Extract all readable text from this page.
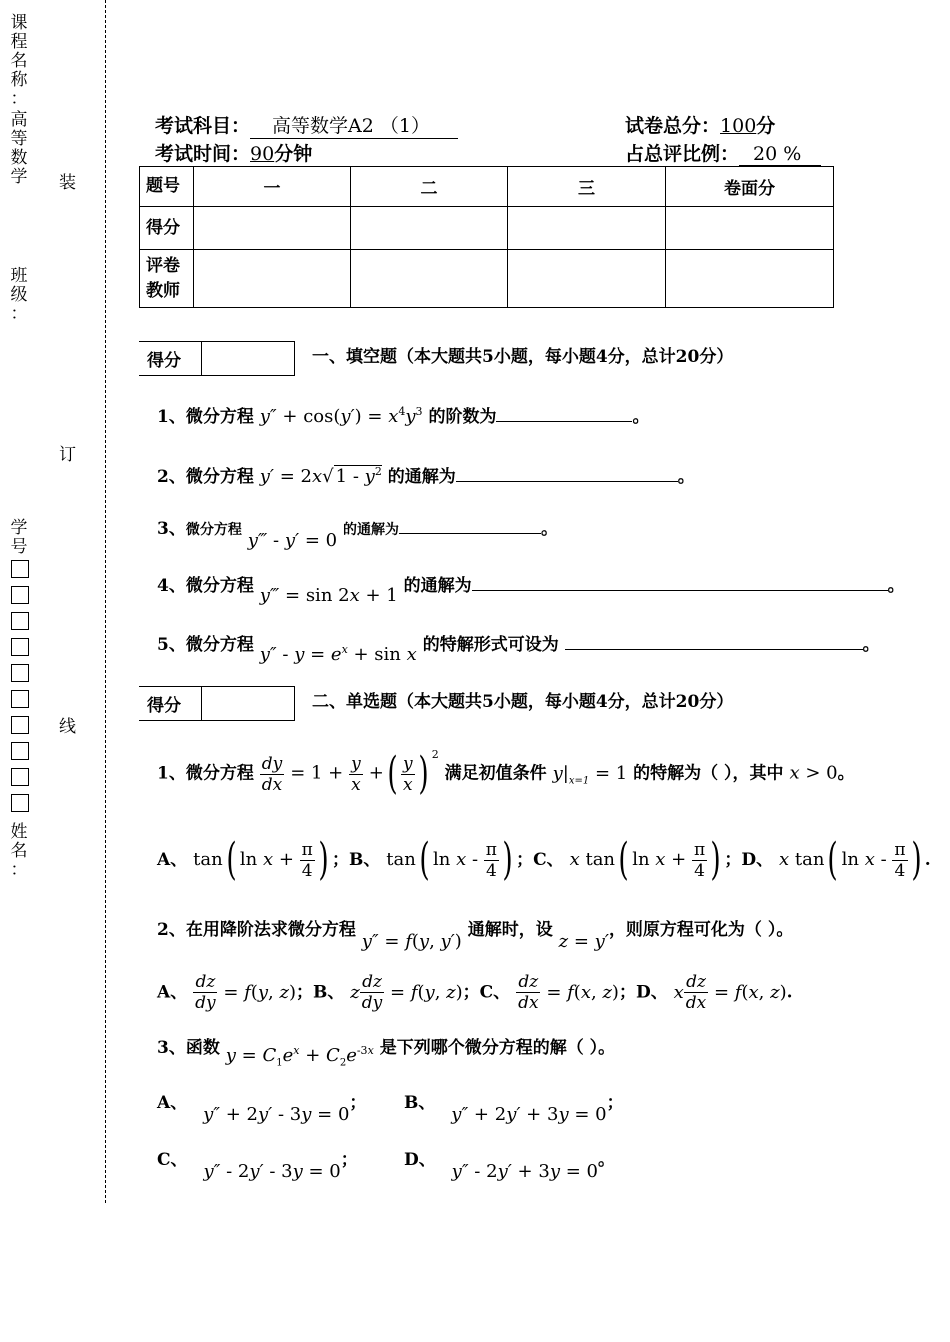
课
程
名
称
：
高
等
数
学
班
级
：
学
号
姓
名
：
装
订
线
考试科目： 高等数学A2 （1）	试卷总分：100分
考试时间：90分钟	占总评比例： 20 %
题号	一	二	三	卷面分
得分				
评卷
教师				
得分	一、填空题（本大题共5小题，每小题4分，总计20分）
1、微分方程 $y'' + \cos(y') = x^4y^3$ 的阶数为	。
2、微分方程 y′ = 2x√ $1 - y^2$ 的通解为	。
3、微分方程 y‴ - y′ = 0 的通解为	。
4、微分方程 y‴ = sin 2x + 1 的通解为	。
5、微分方程 $y'' - y = e^x + \sin x$ 的特解形式可设为	。
得分	二、单选题（本大题共5小题，每小题4分，总计20分）
1、微分方程 $\frac{dy}{dx} = 1 + \frac{y}{x}$ +( $\frac{y}{x}$ ) $^2$ 满足初值条件 $y|_{x=1} = 1$ 的特解为（ ），其中 x > 0。
A、 tan( $\ln x + \frac{\pi}{4}$ ) ；B、 tan( ln x - $\frac{\pi}{4}$ ) ；C、 x tan( $\ln x + \frac{\pi}{4}$ ) ；D、 x tan( ln x - $\frac{\pi}{4}$ ) .
2、在用降阶法求微分方程 y″ = f(y, y′) 通解时，设 z = y′，则原方程可化为（ ）。
A、 $\frac{dz}{dy} = f(y$, z)；B、 z $\frac{dz}{dy} = f(y$, z)；C、 $\frac{dz}{dx} = f(x$, z)；D、 x $\frac{dz}{dx} = f(x$, z).
3、函数 $y = C_1e^x + C_2e^{-3x}$ 是下列哪个微分方程的解（ ）。
A、 y″ + 2y′ - 3y = 0； B、 y″ + 2y′ + 3y = 0；
C、 y″ - 2y′ - 3y = 0；	D、 y″ - 2y′ + 3y = 0。
